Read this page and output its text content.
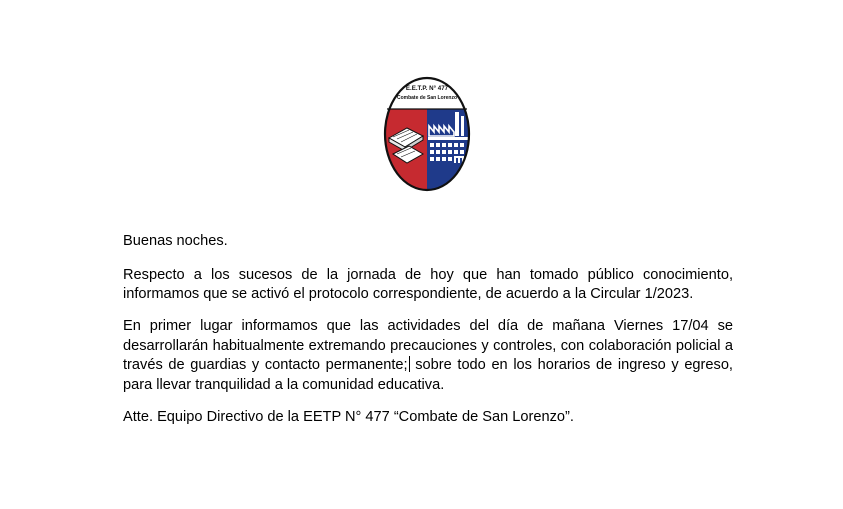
E.E.T.P. N° 477
Combate de San Lorenzo

Buenas noches.

Respecto a los sucesos de la jornada de hoy que han tomado público conocimiento, informamos que se activó el protocolo correspondiente, de acuerdo a la Circular 1/2023.

En primer lugar informamos que las actividades del día de mañana Viernes 17/04 se desarrollarán habitualmente extremando precauciones y controles, con colaboración policial a través de guardias y contacto permanente; sobre todo en los horarios de ingreso y egreso, para llevar tranquilidad a la comunidad educativa.

Atte. Equipo Directivo de la EETP N° 477 “Combate de San Lorenzo”.
